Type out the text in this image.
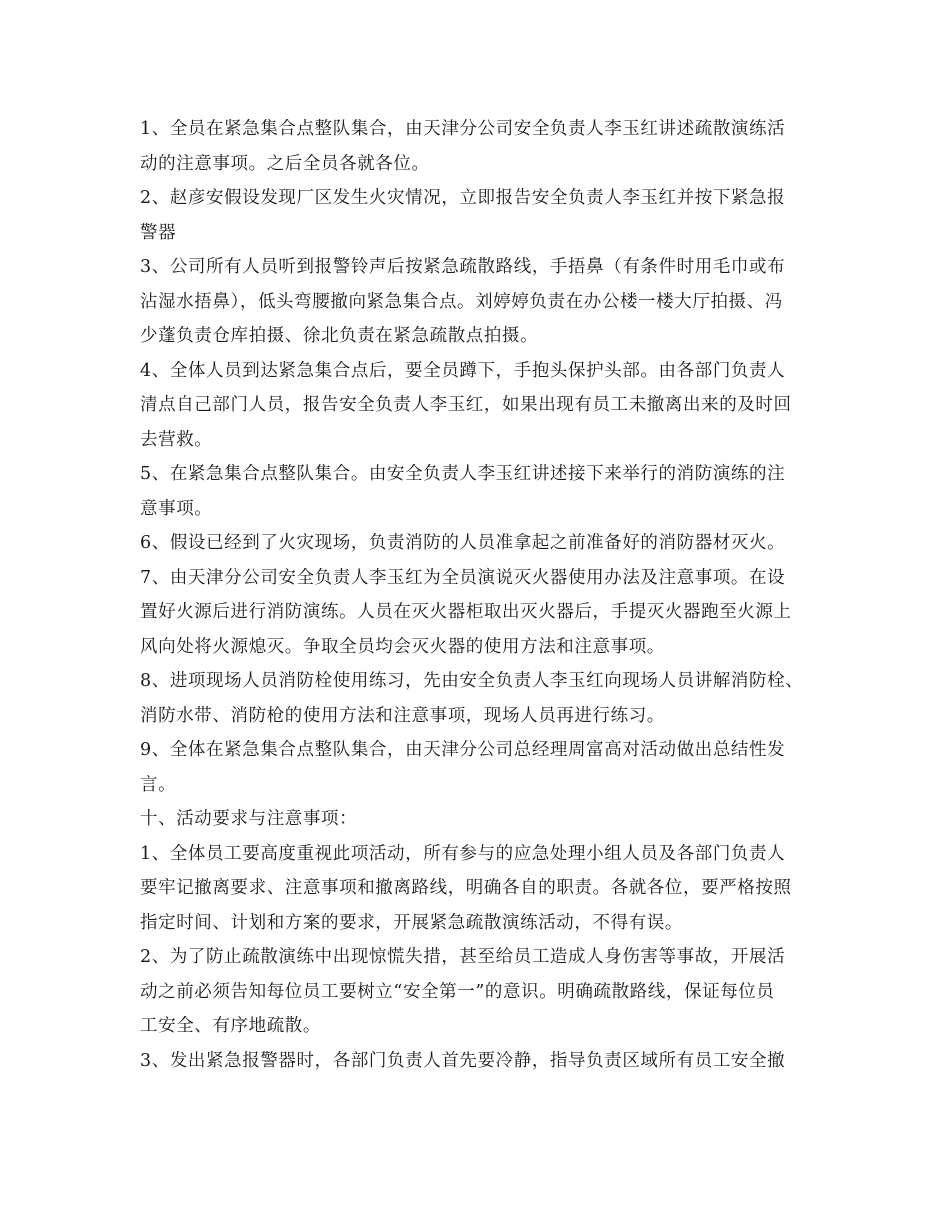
1、全员在紧急集合点整队集合，由天津分公司安全负责人李玉红讲述疏散演练活
动的注意事项。之后全员各就各位。
2、赵彦安假设发现厂区发生火灾情况，立即报告安全负责人李玉红并按下紧急报
警器
3、公司所有人员听到报警铃声后按紧急疏散路线，手捂鼻（有条件时用毛巾或布
沾湿水捂鼻），低头弯腰撤向紧急集合点。刘婷婷负责在办公楼一楼大厅拍摄、冯
少蓬负责仓库拍摄、徐北负责在紧急疏散点拍摄。
4、全体人员到达紧急集合点后，要全员蹲下，手抱头保护头部。由各部门负责人
清点自己部门人员，报告安全负责人李玉红，如果出现有员工未撤离出来的及时回
去营救。
5、在紧急集合点整队集合。由安全负责人李玉红讲述接下来举行的消防演练的注
意事项。
6、假设已经到了火灾现场，负责消防的人员准拿起之前准备好的消防器材灭火。
7、由天津分公司安全负责人李玉红为全员演说灭火器使用办法及注意事项。在设
置好火源后进行消防演练。人员在灭火器柜取出灭火器后，手提灭火器跑至火源上
风向处将火源熄灭。争取全员均会灭火器的使用方法和注意事项。
8、进项现场人员消防栓使用练习，先由安全负责人李玉红向现场人员讲解消防栓、
消防水带、消防枪的使用方法和注意事项，现场人员再进行练习。
9、全体在紧急集合点整队集合，由天津分公司总经理周富高对活动做出总结性发
言。
十、活动要求与注意事项：
1、全体员工要高度重视此项活动，所有参与的应急处理小组人员及各部门负责人
要牢记撤离要求、注意事项和撤离路线，明确各自的职责。各就各位，要严格按照
指定时间、计划和方案的要求，开展紧急疏散演练活动，不得有误。
2、为了防止疏散演练中出现惊慌失措，甚至给员工造成人身伤害等事故，开展活
动之前必须告知每位员工要树立“安全第一”的意识。明确疏散路线，保证每位员
工安全、有序地疏散。
3、发出紧急报警器时，各部门负责人首先要冷静，指导负责区域所有员工安全撤
